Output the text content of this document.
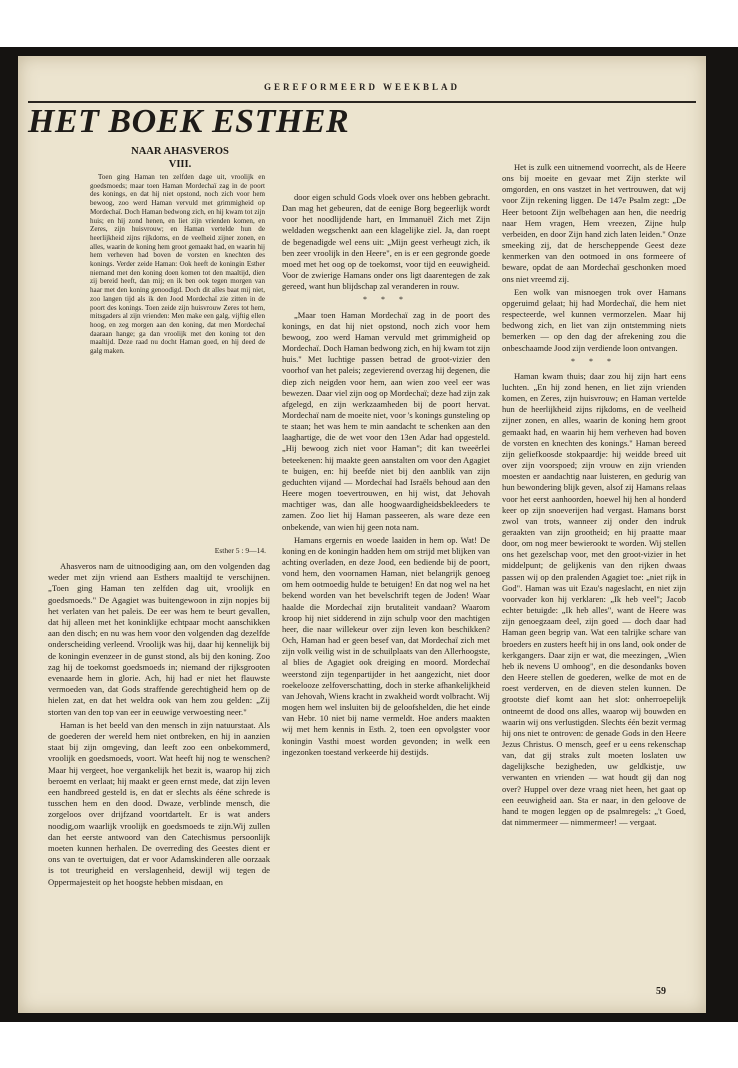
GEREFORMEERD WEEKBLAD
HET BOEK ESTHER
NAAR AHASVEROS
VIII.

Toen ging Haman ten zelfden dage uit, vroolijk en goedsmoeds; maar toen Haman Mordechaï zag in de poort des konings, en dat hij niet opstond, noch zich voor hem bewoog, zoo werd Haman vervuld met grimmigheid op Mordechaï. Doch Haman bedwong zich, en hij kwam tot zijn huis; en hij zond henen, en liet zijn vrienden komen, en Zeres, zijn huisvrouw; en Haman vertelde hun de heerlijkheid zijns rijkdoms, en de veelheid zijner zonen, en alles, waarin de koning hem groot gemaakt had, en waarin hij hem verheven had boven de vorsten en knechten des konings. Verder zeide Haman: Ook heeft de koningin Esther niemand met den koning doen komen tot den maaltijd, dien zij bereid heeft, dan mij; en ik ben ook tegen morgen van haar met den koning genoodigd. Doch dit alles baat mij niet, zoo langen tijd als ik den Jood Mordechaï zie zitten in de poort des konings. Toen zeide zijn huisvrouw Zeres tot hem, mitsgaders al zijn vrienden: Men make een galg, vijftig ellen hoog, en zeg morgen aan den koning, dat men Mordechaï daaraan hange; ga dan vroolijk met den koning tot den maaltijd. Deze raad nu docht Haman goed, en hij deed de galg maken.

Esther 5 : 9—14.

Ahasveros nam de uitnoodiging aan, om den volgenden dag weder met zijn vriend aan Esthers maaltijd te verschijnen. „Toen ging Haman ten zelfden dag uit, vroolijk en goedsmoeds." De Agagiet was buitengewoon in zijn nopjes bij het verlaten van het paleis. De eer was hem te beurt gevallen, dat hij alleen met het koninklijke echtpaar mocht aanschikken aan den disch; en nu was hem voor den volgenden dag dezelfde onderscheiding verleend. Vroolijk was hij, daar hij kennelijk bij de koningin evenzeer in de gunst stond, als bij den koning. Zoo zag hij de toekomst goedsmoeds in; niemand der rijksgrooten evenaarde hem in glorie. Ach, hij had er niet het flauwste vermoeden van, dat Gods straffende gerechtigheid hem op de hielen zat, en dat het weldra ook van hem zou gelden: „Zij storten van den top van eer in eeuwige verwoesting neer."

Haman is het beeld van den mensch in zijn natuurstaat. Als de goederen der wereld hem niet ontbreken, en hij in aanzien staat bij zijn omgeving, dan leeft zoo een onbekommerd, vroolijk en goedsmoeds, voort. Wat heeft hij nog te wenschen? Maar hij vergeet, hoe vergankelijk het bezit is, waarop hij zich beroemt en verlaat; hij maakt er geen ernst mede, dat zijn leven een handbreed gesteld is, en dat er slechts als ééne schrede is tusschen hem en den dood. Dwaze, verblinde mensch, die zorgeloos over drijfzand voortdartelt. Er is wat anders noodig,om waarlijk vroolijk en goedsmoeds te zijn.Wij zullen dan het eerste antwoord van den Catechismus persoonlijk moeten kunnen herhalen. De overreding des Geestes dient er ons van te overtuigen, dat er voor Adamskinderen alle oorzaak is tot treurigheid en verslagenheid, dewijl wij tegen de Oppermajesteit op het hoogste hebben misdaan, en

door eigen schuld Gods vloek over ons hebben gebracht. Dan mag het gebeuren, dat de eenige Borg begeerlijk wordt voor het noodlijdende hart, en Immanuël Zich met Zijn weldaden wegschenkt aan een klagelijke ziel. Ja, dan roept de begenadigde wel eens uit: „Mijn geest verheugt zich, ik ben zeer vroolijk in den Heere", en is er een gegronde goede moed met het oog op de toekomst, voor tijd en eeuwigheid. Voor de zwierige Hamans onder ons ligt daarentegen de zak gereed, want hun blijdschap zal veranderen in rouw.

* * *

„Maar toen Haman Mordechaï zag in de poort des konings, en dat hij niet opstond, noch zich voor hem bewoog, zoo werd Haman vervuld met grimmigheid op Mordechaï. Doch Haman bedwong zich, en hij kwam tot zijn huis." Met luchtige passen betrad de groot-vizier den voorhof van het paleis; zegevierend overzag hij degenen, die diep zich neigden voor hem, aan wien zoo veel eer was bewezen. Daar viel zijn oog op Mordechaï; deze had zijn zak afgelegd, en zijn werkzaamheden bij de poort hervat. Mordechaï nam de moeite niet, voor 's konings gunsteling op te staan; het was hem te min aandacht te schenken aan den laaghartige, die de wet voor den 13en Adar had opgesteld. „Hij bewoog zich niet voor Haman"; dit kan tweeërlei beteekenen: hij maakte geen aanstalten om voor den Agagiet te buigen, en: hij beefde niet bij den aanblik van zijn geduchten vijand — Mordechaï had Israëls behoud aan den Heere mogen toevertrouwen, en hij wist, dat Jehovah machtiger was, dan alle hoogwaardigheidsbekleeders te zamen. Zoo liet hij Haman passeeren, als ware deze een onbekende, van wien hij geen nota nam.

Hamans ergernis en woede laaiden in hem op. Wat! De koning en de koningin hadden hem om strijd met blijken van achting overladen, en deze Jood, een bediende bij de poort, vond hem, den voornamen Haman, niet belangrijk genoeg om hem ootmoedig hulde te betuigen! En dat nog wel na het bekend worden van het bevelschrift tegen de Joden! Waar haalde die Mordechaï zijn brutaliteit vandaan? Waarom kroop hij niet sidderend in zijn schulp voor den machtigen heer, die naar willekeur over zijn leven kon beschikken? Och, Haman had er geen besef van, dat Mordechaï zich met zijn volk veilig wist in de schuilplaats van den Allerhoogste, al blies de Agagiet ook dreiging en moord. Mordechaï weerstond zijn tegenpartijder in het aangezicht, niet door roekelooze zelfoverschatting, doch in sterke afhankelijkheid van Jehovah, Wiens kracht in zwakheid wordt volbracht. Wij mogen hem wel insluiten bij de geloofshelden, die het einde van Hebr. 10 niet bij name vermeldt. Hoe anders maakten wij met hem kennis in Esth. 2, toen een opvolgster voor koningin Vasthi moest worden gevonden; in welk een ingezonken toestand verkeerde hij destijds.

Het is zulk een uitnemend voorrecht, als de Heere ons bij moeite en gevaar met Zijn sterkte wil omgorden, en ons vastzet in het vertrouwen, dat wij voor Zijn rekening liggen. De 147e Psalm zegt: „De Heer betoont Zijn welbehagen aan hen, die needrig naar Hem vragen, Hem vreezen, Zijne hulp verbeiden, en door Zijn hand zich laten leiden." Onze smeeking zij, dat de herscheppende Geest deze kenmerken van den ootmoed in ons formeere of beware, opdat de aan Mordechaï geschonken moed ons niet vreemd zij.

Een wolk van misnoegen trok over Hamans opgeruimd gelaat; hij had Mordechaï, die hem niet respecteerde, wel kunnen vermorzelen. Maar hij bedwong zich, en liet van zijn ontstemming niets bemerken — op den dag der afrekening zou die onbeschaamde Jood zijn verdiende loon ontvangen.

* * *

Haman kwam thuis; daar zou hij zijn hart eens luchten. „En hij zond henen, en liet zijn vrienden komen, en Zeres, zijn huisvrouw; en Haman vertelde hun de heerlijkheid zijns rijkdoms, en de veelheid zijner zonen, en alles, waarin de koning hem groot gemaakt had, en waarin hij hem verheven had boven de vorsten en knechten des konings." Haman bereed zijn geliefkoosde stokpaardje: hij weidde breed uit over zijn voorspoed; zijn vrouw en zijn vrienden moesten er aandachtig naar luisteren, en gedurig van hun bewondering blijk geven, alsof zij Hamans relaas voor het eerst aanhoorden, hoewel hij hen al honderd keer op zijn snoeverijen had vergast. Hamans borst zwol van trots, wanneer zij onder den indruk geraakten van zijn grootheid; en hij praatte maar door, om nog meer bewierookt te worden. Wij stellen ons het gezelschap voor, met den groot-vizier in het middelpunt; de gelijkenis van den rijken dwaas passen wij op den pralenden Agagiet toe: „niet rijk in God". Haman was uit Ezau's nageslacht, en niet zijn voorvader kon hij verklaren: „Ik heb veel"; Jacob echter betuigde: „Ik heb alles", want de Heere was zijn genoegzaam deel, zijn goed — doch daar had Haman geen begrip van. Wat een talrijke schare van broeders en zusters heeft hij in ons land, ook onder de kerkgangers. Daar zijn er wat, die meezingen, „Wien heb ik nevens U omhoog", en die desondanks boven den Heere stellen de goederen, welke de mot en de roest verderven, en de dieven stelen kunnen. De grootste dief komt aan het slot: onherroepelijk ontneemt de dood ons alles, waarop wij bouwden en waarin wij ons verlustigden. Slechts één bezit vermag hij ons niet te ontroven: de genade Gods in den Heere Jezus Christus. O mensch, geef er u eens rekenschap van, dat gij straks zult moeten loslaten uw dagelijksche bezigheden, uw geldkistje, uw verwanten en vrienden — wat houdt gij dan nog over? Huppel over deze vraag niet heen, het gaat op een eeuwigheid aan. Sta er naar, in den geloove de hand te mogen leggen op de psalmregels: „'t Goed, dat nimmermeer — nimmermeer! — vergaat.

59
